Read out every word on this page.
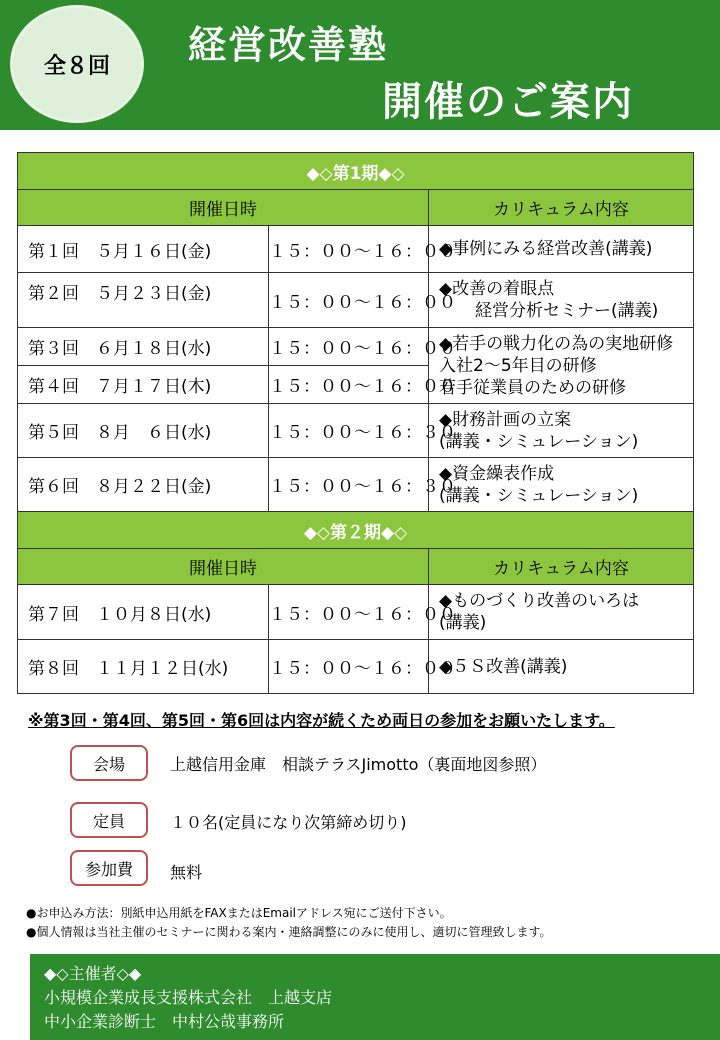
全８回	経営改善塾
開催のご案内
◆◇第1期◆◇		
開催日時		カリキュラム内容
第１回　 ５月１６日(金)	１５：００〜１６：００	◆事例にみる経営改善(講義)

第２回　 ５月２３日(金)	１５：００〜１６：００	◆改善の着眼点
経営分析セミナー(講義)

第３回　 ６月１８日(水)	１５：００〜１６：００	◆若手の戦力化の為の実地研修
入社2〜5年目の研修
若手従業員のための研修

第４回　 ７月１７日(木)	１５：００〜１６：００	
第５回　 ８月　６日(水)	１５：００〜１６：３０	◆財務計画の立案
(講義・シミュレーション)

第６回　 ８月２２日(金)	１５：００〜１６：３０	◆資金繰表作成
(講義・シミュレーション)

◆◇第２期◆◇		
開催日時		カリキュラム内容
第７回　 １０月８日(水)	１５：００〜１６：００	◆ものづくり改善のいろは
(講義)

第８回　 １１月１２日(水)	１５：００〜１６：００	◆５Ｓ改善(講義)
※第3回・第4回、第5回・第6回は内容が続くため両日の参加をお願いたします。
会場	上越信用金庫　相談テラスJimotto（裏面地図参照）
定員	１０名(定員になり次第締め切り)
参加費	無料
●お申込み方法：別紙申込用紙をFAXまたはEmailアドレス宛にご送付下さい。
●個人情報は当社主催のセミナーに関わる案内・連絡調整にのみに使用し、適切に管理致します。
◆◇主催者◇◆
小規模企業成長支援株式会社　上越支店
中小企業診断士　中村公哉事務所
